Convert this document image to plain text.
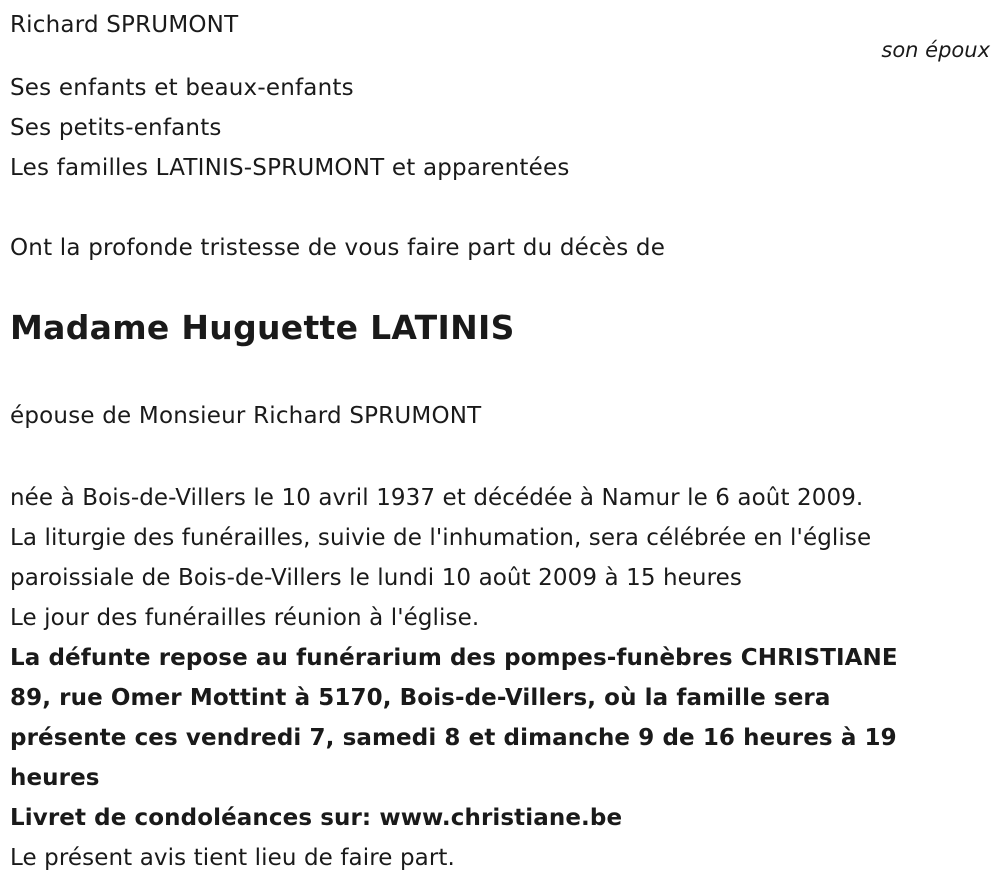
Richard SPRUMONT
son époux
Ses enfants et beaux-enfants
Ses petits-enfants
Les familles LATINIS-SPRUMONT et apparentées
Ont la profonde tristesse de vous faire part du décès de
Madame Huguette LATINIS
épouse de Monsieur Richard SPRUMONT
née à Bois-de-Villers le 10 avril 1937 et décédée à Namur le 6 août 2009.
La liturgie des funérailles, suivie de l'inhumation, sera célébrée en l'église
paroissiale de Bois-de-Villers le lundi 10 août 2009 à 15 heures
Le jour des funérailles réunion à l'église.
La défunte repose au funérarium des pompes-funèbres CHRISTIANE
89, rue Omer Mottint à 5170, Bois-de-Villers, où la famille sera
présente ces vendredi 7, samedi 8 et dimanche 9 de 16 heures à 19
heures
Livret de condoléances sur: www.christiane.be
Le présent avis tient lieu de faire part.
